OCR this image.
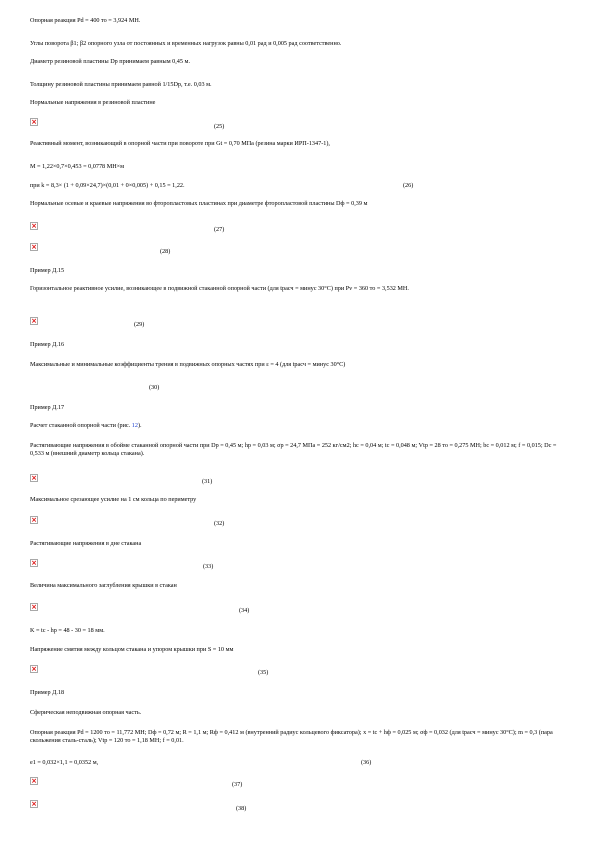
Опорная реакция Pd = 400 то = 3,924 МН.
Углы поворота β1; β2 опорного узла от постоянных и временных нагрузок равны 0,01 рад и 0,005 рад соответственно.
Диаметр резиновой пластины Dp принимаем равным 0,45 м.
Толщину резиновой пластины принимаем равной 1/15Dp, т.е. 0,03 м.
Нормальные напряжения в резиновой пластине
×
(25)
Реактивный момент, возникающий в опорной части при повороте при Gt = 0,70 МПа (резина марки ИРП-1347-1),
M = 1,22×0,7×0,453 = 0,0778 МН×м
при k = 8,3× (1 + 0,09×24,7)×(0,01 + 0×0,005) + 0,15 = 1,22.	(26)
Нормальные осевые и краевые напряжения во фторопластовых пластинах при диаметре фторопластовой пластины Dф = 0,39 м
×
(27)
×
(28)
Пример Д.15
Горизонтальное реактивное усилие, возникающее в подвижной стаканной опорной части (для tрасч = минус 30°С) при Pv = 360 то = 3,532 МН.
×
(29)
Пример Д.16
Максимальные и минимальные коэффициенты трения в подвижных опорных частях при ε = 4 (для tрасч = минус 30°С)
(30)
Пример Д.17
Расчет стаканной опорной части (рис. 12).
Растягивающие напряжения в обойме стаканной опорной части при Dp = 0,45 м; hp = 0,03 м; σp = 24,7 МПа = 252 кг/см2; hс = 0,04 м; tс = 0,048 м; Vtp = 28 то = 0,275 МН; bс = 0,012 м; f = 0,015; Dc = 0,533 м (внешний диаметр кольца стакана).
×
(31)
Максимальное срезающее усилие на 1 см кольца по периметру
×
(32)
Растягивающие напряжения в дне стакана
×
(33)
Величина максимального заглубления крышки в стакан
×
(34)
K = tc - hp = 48 - 30 = 18 мм.
Напряжение смятия между кольцом стакана и упором крышки при S = 10 мм
×
(35)
Пример Д.18
Сферическая неподвижная опорная часть.
Опорная реакция Pd = 1200 то = 11,772 МН; Dф = 0,72 м; R = 1,1 м; Rф = 0,412 м (внутренний радиус кольцевого фиксатора); х = tс + hф = 0,025 м; σф = 0,032 (для tрасч = минус 30°С); m = 0,3 (пара скольжения сталь-сталь); Vtp = 120 то = 1,18 МН; f = 0,01.
e1 = 0,032×1,1 = 0,0352 м,	(36)
×
(37)
×
(38)
